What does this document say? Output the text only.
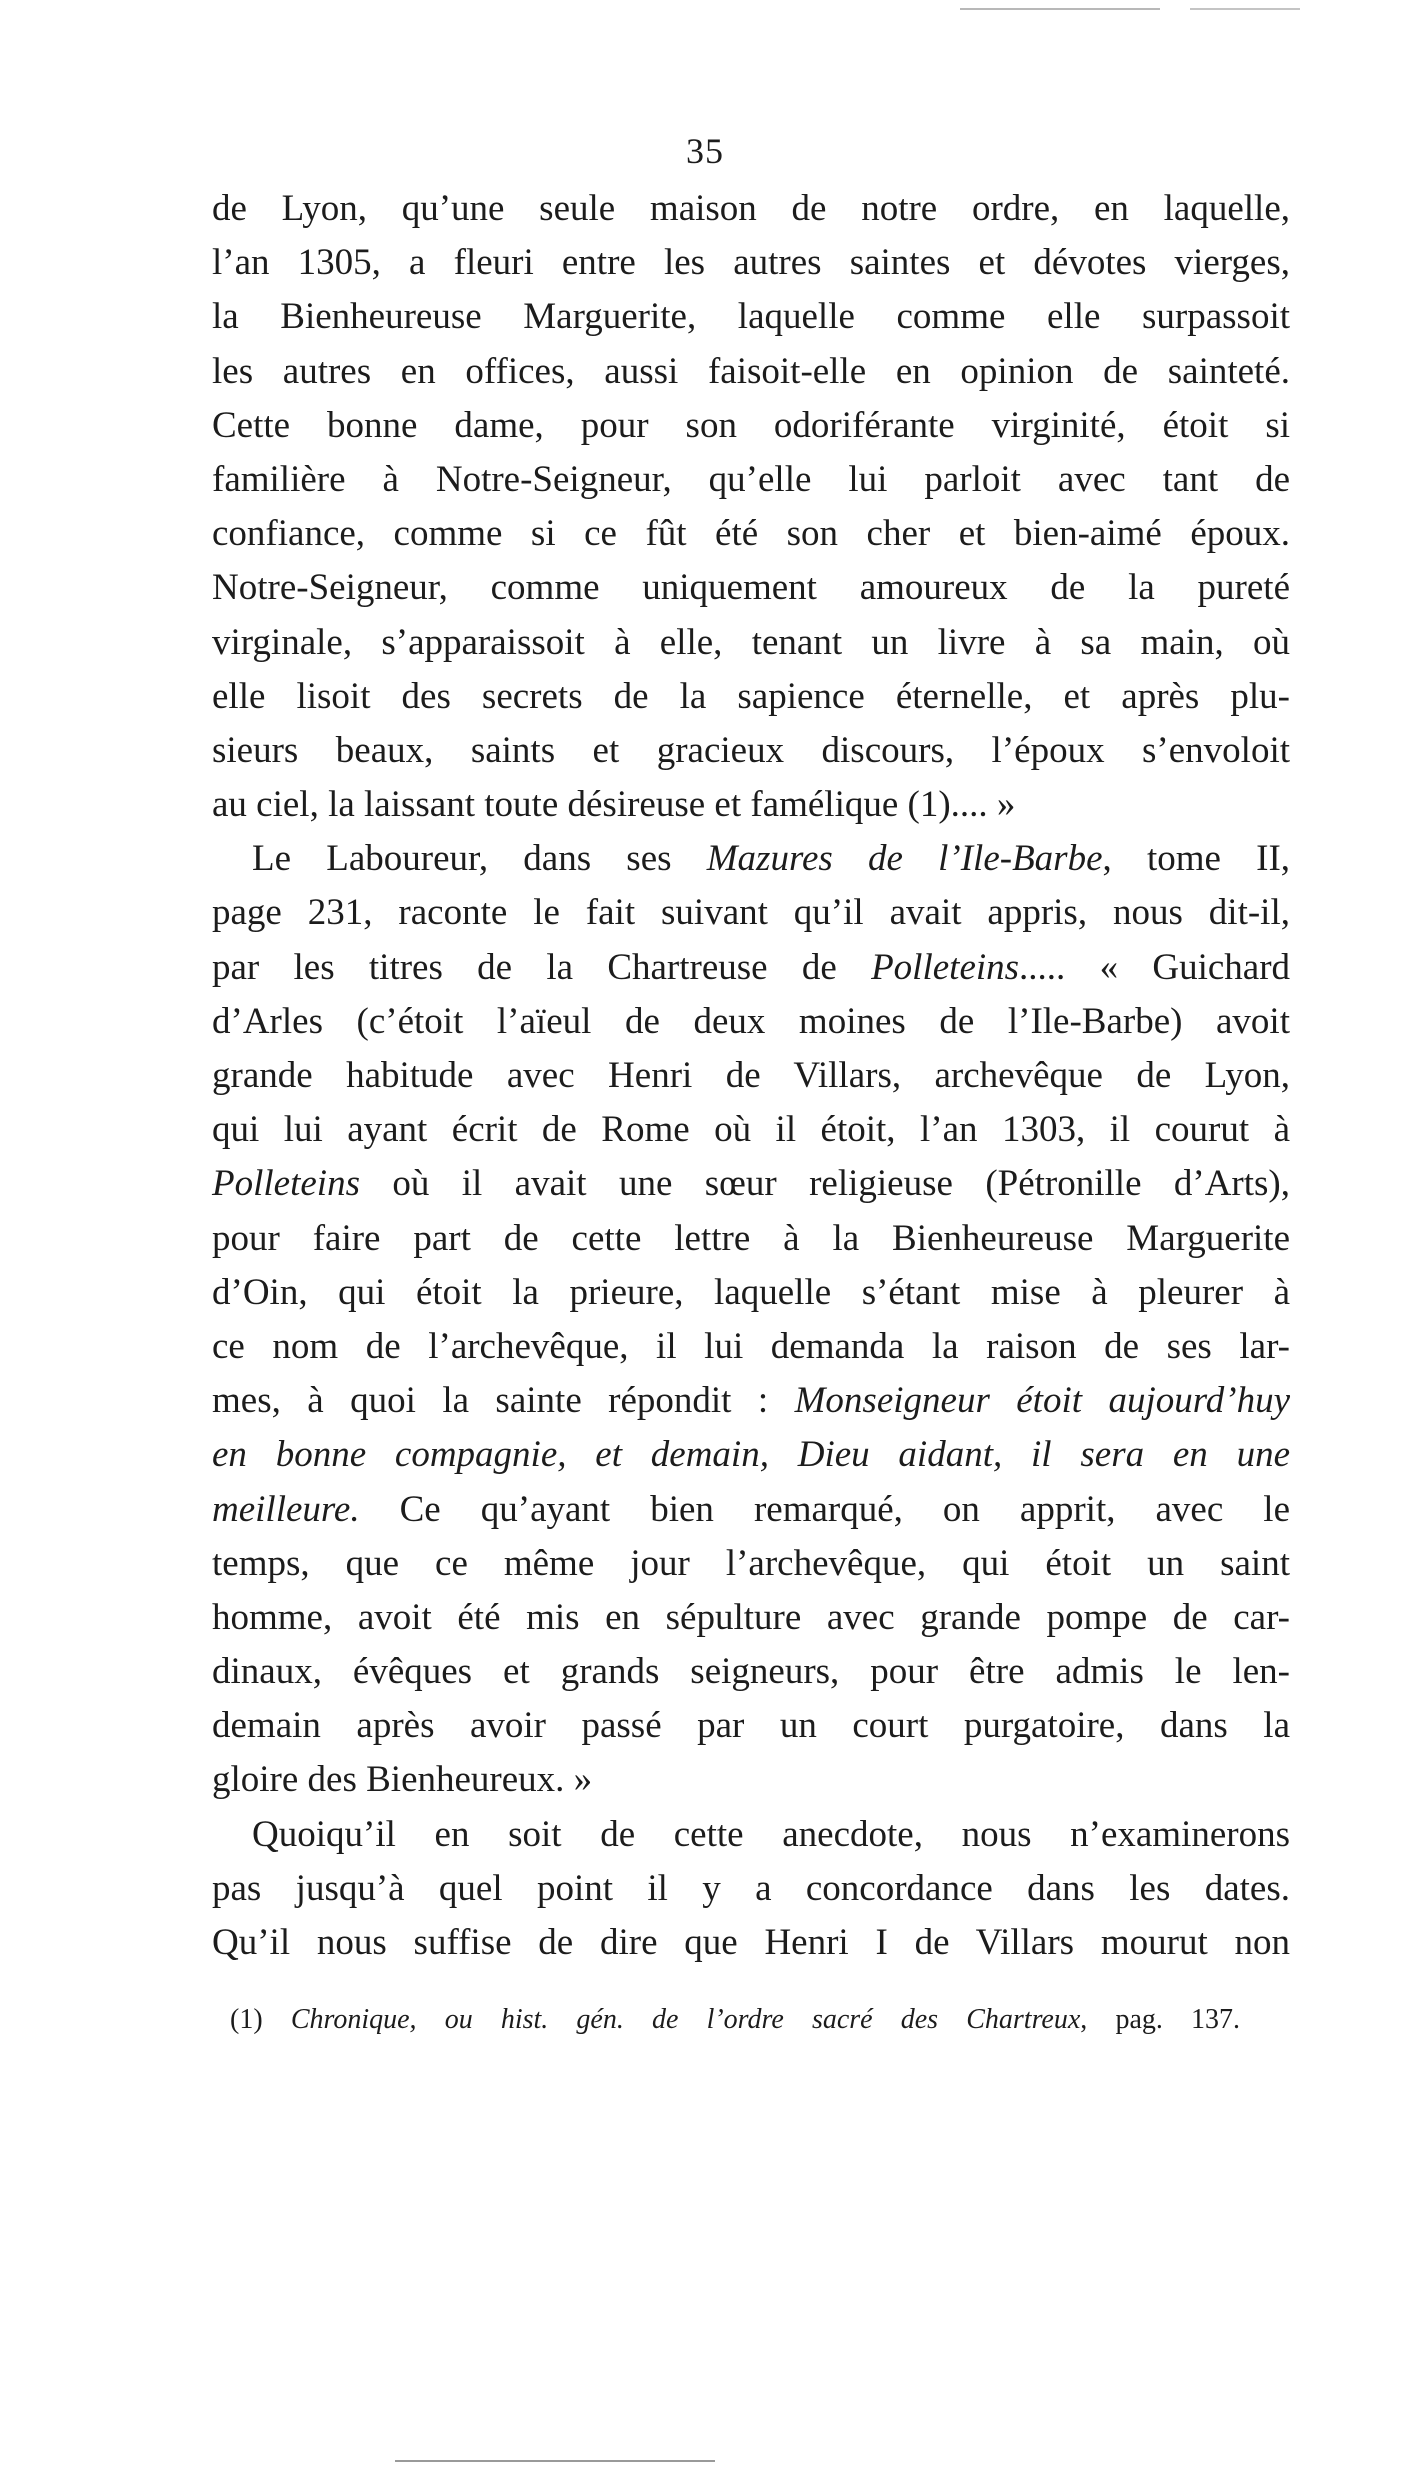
35
de Lyon, qu’une seule maison de notre ordre, en laquelle,
l’an 1305, a fleuri entre les autres saintes et dévotes vierges,
la Bienheureuse Marguerite, laquelle comme elle surpassoit
les autres en offices, aussi faisoit-elle en opinion de sainteté.
Cette bonne dame, pour son odoriférante virginité, étoit si
familière à Notre-Seigneur, qu’elle lui parloit avec tant de
confiance, comme si ce fût été son cher et bien-aimé époux.
Notre-Seigneur, comme uniquement amoureux de la pureté
virginale, s’apparaissoit à elle, tenant un livre à sa main, où
elle lisoit des secrets de la sapience éternelle, et après plu-
sieurs beaux, saints et gracieux discours, l’époux s’envoloit
au ciel, la laissant toute désireuse et famélique (1).... »
Le Laboureur, dans ses Mazures de l’Ile-Barbe, tome II,
page 231, raconte le fait suivant qu’il avait appris, nous dit-il,
par les titres de la Chartreuse de Polleteins..... « Guichard
d’Arles (c’étoit l’aïeul de deux moines de l’Ile-Barbe) avoit
grande habitude avec Henri de Villars, archevêque de Lyon,
qui lui ayant écrit de Rome où il étoit, l’an 1303, il courut à
Polleteins où il avait une sœur religieuse (Pétronille d’Arts),
pour faire part de cette lettre à la Bienheureuse Marguerite
d’Oin, qui étoit la prieure, laquelle s’étant mise à pleurer à
ce nom de l’archevêque, il lui demanda la raison de ses lar-
mes, à quoi la sainte répondit : Monseigneur étoit aujourd’huy
en bonne compagnie, et demain, Dieu aidant, il sera en une
meilleure. Ce qu’ayant bien remarqué, on apprit, avec le
temps, que ce même jour l’archevêque, qui étoit un saint
homme, avoit été mis en sépulture avec grande pompe de car-
dinaux, évêques et grands seigneurs, pour être admis le len-
demain après avoir passé par un court purgatoire, dans la
gloire des Bienheureux. »
Quoiqu’il en soit de cette anecdote, nous n’examinerons
pas jusqu’à quel point il y a concordance dans les dates.
Qu’il nous suffise de dire que Henri I de Villars mourut non
(1) Chronique, ou hist. gén. de l’ordre sacré des Chartreux, pag. 137.
